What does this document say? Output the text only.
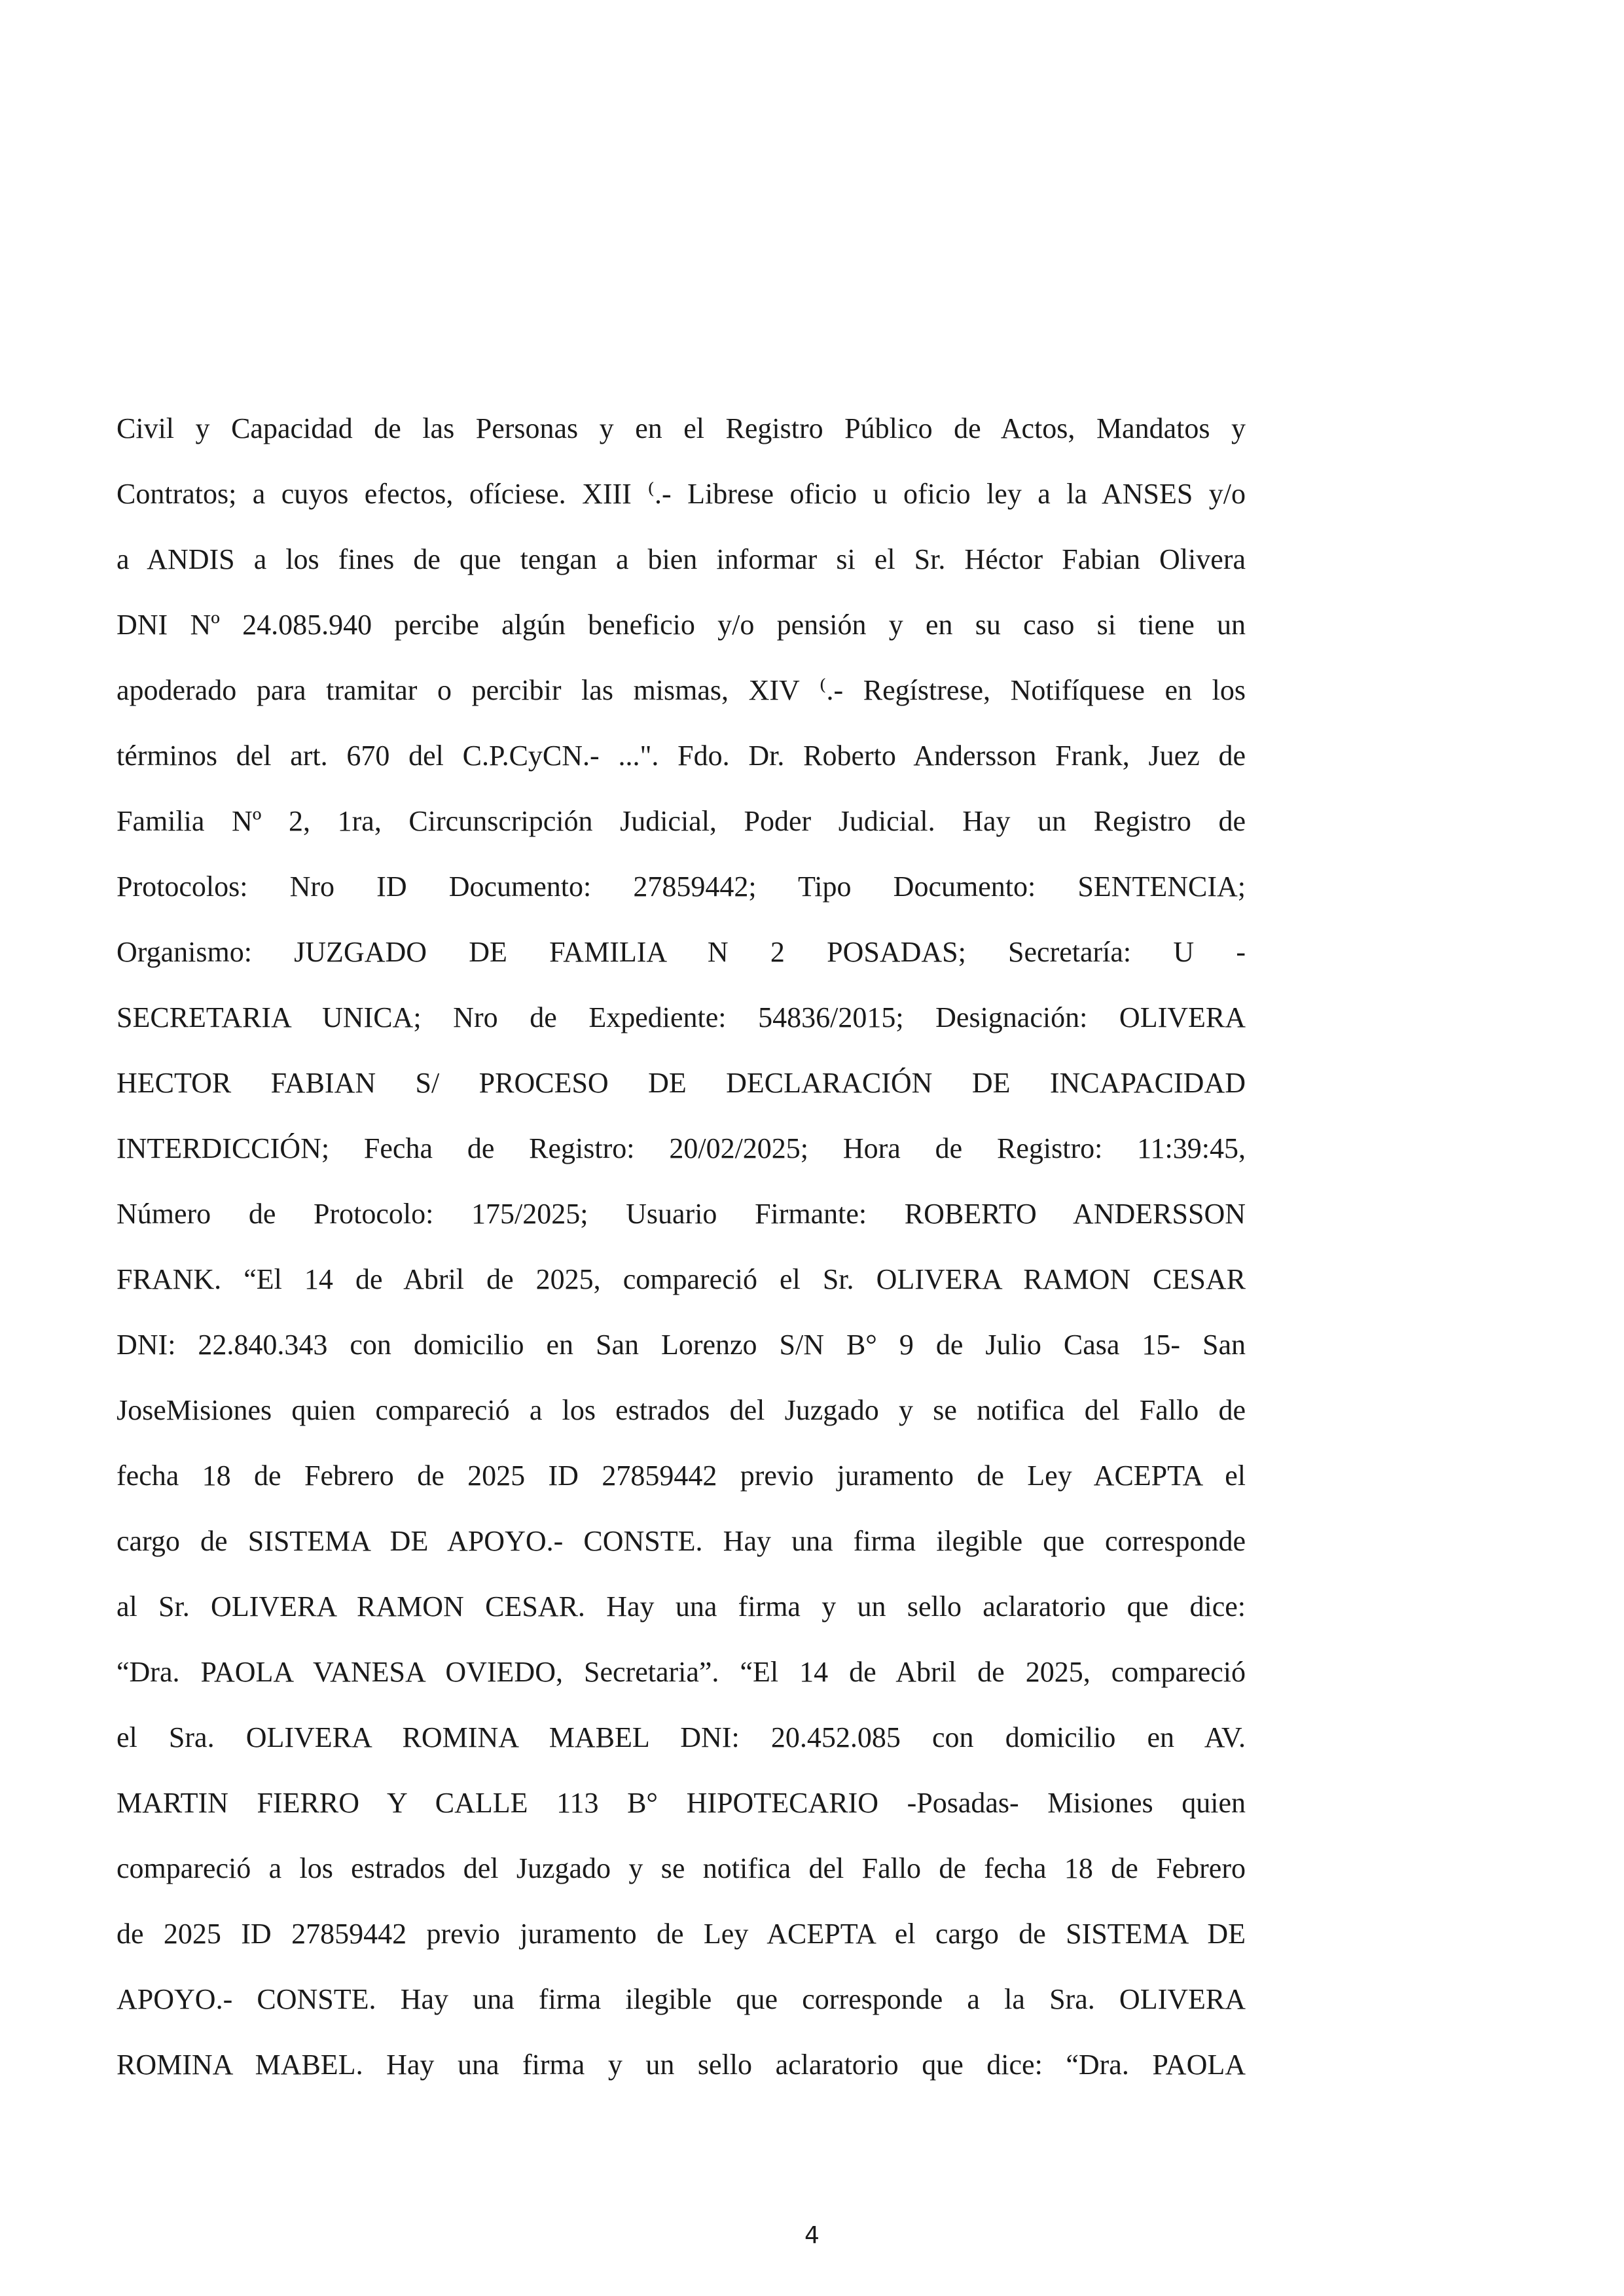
Civil y Capacidad de las Personas y en el Registro Público de Actos, Mandatos y
Contratos; a cuyos efectos, ofíciese. XIII ⁽.- Librese oficio u oficio ley a la ANSES y/o
a ANDIS a los fines de que tengan a bien informar si el Sr. Héctor Fabian Olivera
DNI Nº 24.085.940 percibe algún beneficio y/o pensión y en su caso si tiene un
apoderado para tramitar o percibir las mismas, XIV ⁽.- Regístrese, Notifíquese en los
términos del art. 670 del C.P.CyCN.- ...". Fdo. Dr. Roberto Andersson Frank, Juez de
Familia Nº 2, 1ra, Circunscripción Judicial, Poder Judicial. Hay un Registro de
Protocolos: Nro ID Documento: 27859442; Tipo Documento: SENTENCIA;
Organismo: JUZGADO DE FAMILIA N 2 POSADAS; Secretaría: U -
SECRETARIA UNICA; Nro de Expediente: 54836/2015; Designación: OLIVERA
HECTOR FABIAN S/ PROCESO DE DECLARACIÓN DE INCAPACIDAD
INTERDICCIÓN; Fecha de Registro: 20/02/2025; Hora de Registro: 11:39:45,
Número de Protocolo: 175/2025; Usuario Firmante: ROBERTO ANDERSSON
FRANK. “El 14 de Abril de 2025, compareció el Sr. OLIVERA RAMON CESAR
DNI: 22.840.343 con domicilio en San Lorenzo S/N B° 9 de Julio Casa 15- San
JoseMisiones quien compareció a los estrados del Juzgado y se notifica del Fallo de
fecha 18 de Febrero de 2025 ID 27859442 previo juramento de Ley ACEPTA el
cargo de SISTEMA DE APOYO.- CONSTE. Hay una firma ilegible que corresponde
al Sr. OLIVERA RAMON CESAR. Hay una firma y un sello aclaratorio que dice:
“Dra. PAOLA VANESA OVIEDO, Secretaria”. “El 14 de Abril de 2025, compareció
el Sra. OLIVERA ROMINA MABEL DNI: 20.452.085 con domicilio en AV.
MARTIN FIERRO Y CALLE 113 B° HIPOTECARIO -Posadas- Misiones quien
compareció a los estrados del Juzgado y se notifica del Fallo de fecha 18 de Febrero
de 2025 ID 27859442 previo juramento de Ley ACEPTA el cargo de SISTEMA DE
APOYO.- CONSTE. Hay una firma ilegible que corresponde a la Sra. OLIVERA
ROMINA MABEL. Hay una firma y un sello aclaratorio que dice: “Dra. PAOLA

4
